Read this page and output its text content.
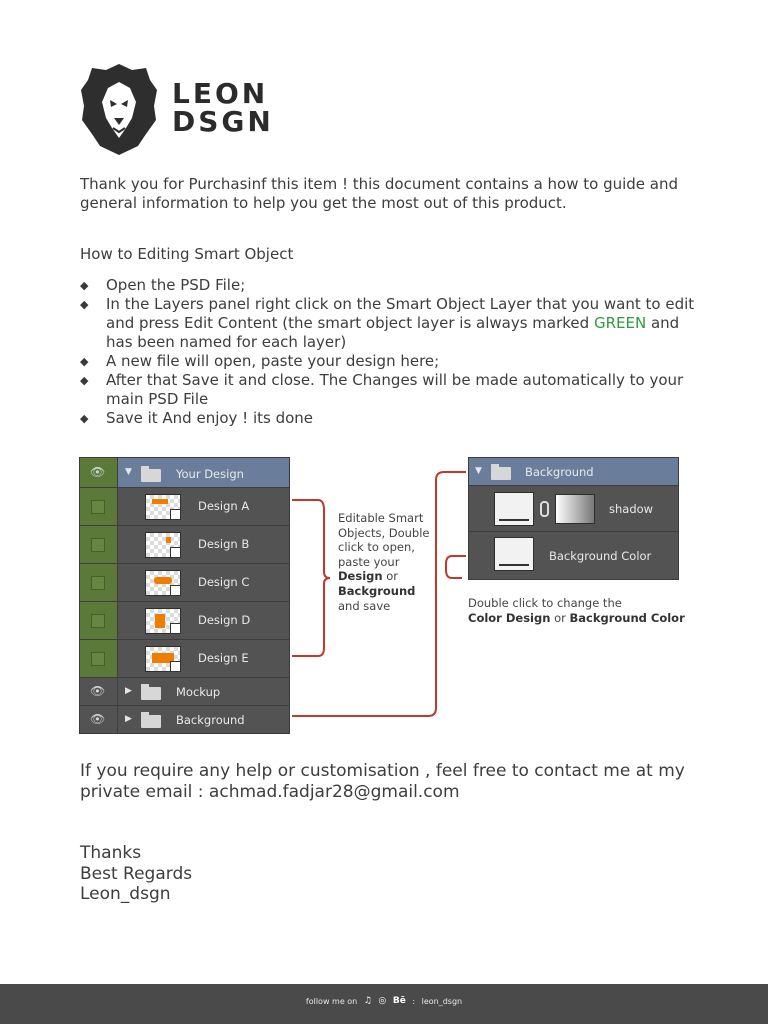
LEON
DSGN

Thank you for Purchasinf this item ! this document contains a how to guide and general information to help you get the most out of this product.

How to Editing Smart Object

◆ Open the PSD File;
◆ In the Layers panel right click on the Smart Object Layer that you want to edit and press Edit Content (the smart object layer is always marked GREEN and has been named for each layer)
◆ A new file will open, paste your design here;
◆ After that Save it and close. The Changes will be made automatically to your main PSD File
◆ Save it And enjoy ! its done
👁	▼	Your Design
Design A
Design B
Design C
Design D
Design E
👁	▶	Mockup
👁	▶	Background
▼	Background
shadow
Background Color
Editable Smart Objects, Double click to open, paste your
Design or
Background
and save	Double click to change the
Color Design or Background Color

If you require any help or customisation , feel free to contact me at my private email : achmad.fadjar28@gmail.com

Thanks
Best Regards
Leon_dsgn
follow me on ♫ ◎ Bē : leon_dsgn
